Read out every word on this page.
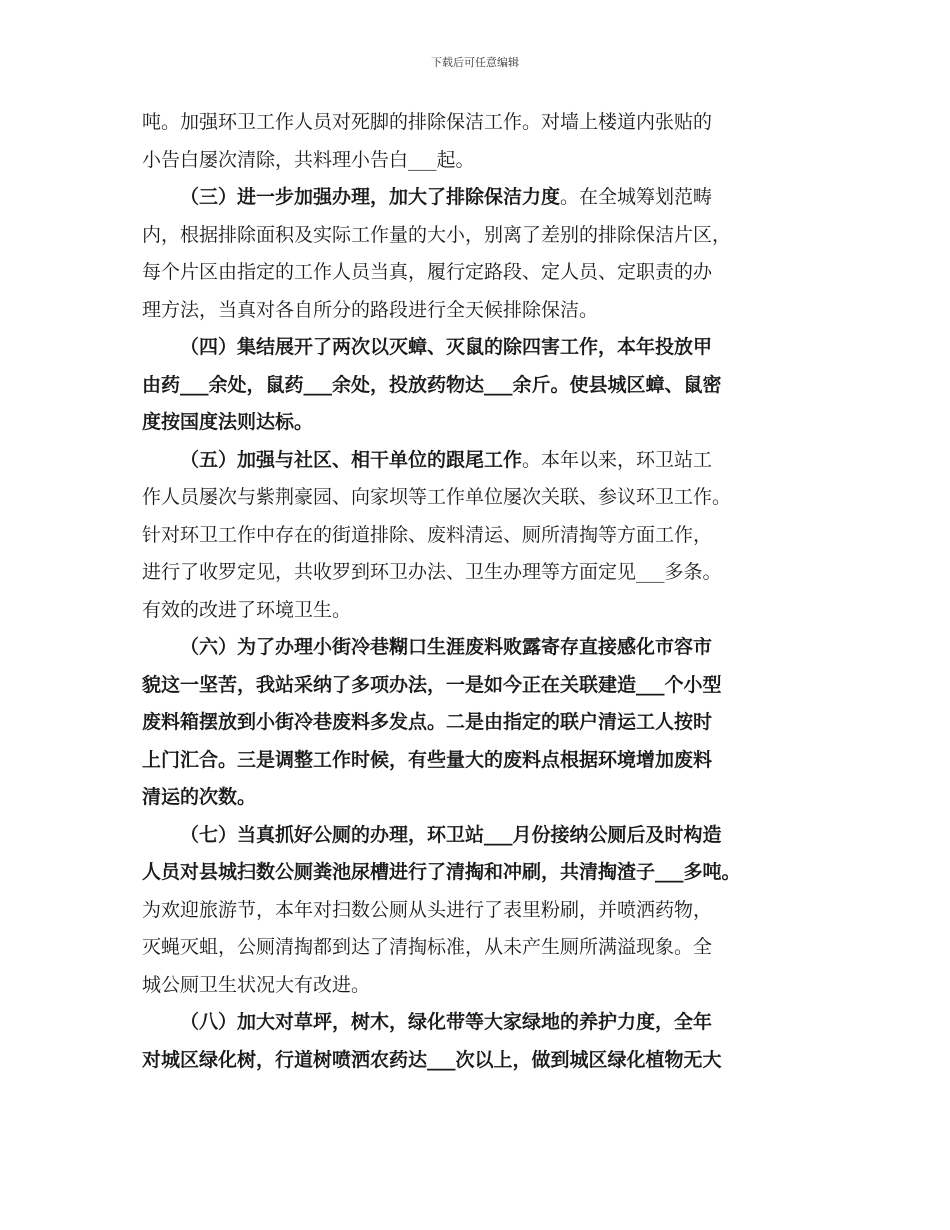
下载后可任意编辑

吨。加强环卫工作人员对死脚的排除保洁工作。对墙上楼道内张贴的
小告白屡次清除，共料理小告白___起。

（三）进一步加强办理，加大了排除保洁力度。在全城筹划范畴
内，根据排除面积及实际工作量的大小，别离了差别的排除保洁片区，
每个片区由指定的工作人员当真，履行定路段、定人员、定职责的办
理方法，当真对各自所分的路段进行全天候排除保洁。

（四）集结展开了两次以灭蟑、灭鼠的除四害工作，本年投放甲
由药___余处，鼠药___余处，投放药物达___余斤。使县城区蟑、鼠密
度按国度法则达标。

（五）加强与社区、相干单位的跟尾工作。本年以来，环卫站工
作人员屡次与紫荆豪园、向家坝等工作单位屡次关联、参议环卫工作。
针对环卫工作中存在的街道排除、废料清运、厕所清掏等方面工作，
进行了收罗定见，共收罗到环卫办法、卫生办理等方面定见___多条。
有效的改进了环境卫生。

（六）为了办理小街冷巷糊口生涯废料败露寄存直接感化市容市
貌这一坚苦，我站采纳了多项办法，一是如今正在关联建造___个小型
废料箱摆放到小街冷巷废料多发点。二是由指定的联户清运工人按时
上门汇合。三是调整工作时候，有些量大的废料点根据环境增加废料
清运的次数。

（七）当真抓好公厕的办理，环卫站___月份接纳公厕后及时构造
人员对县城扫数公厕粪池尿槽进行了清掏和冲刷，共清掏渣子___多吨。
为欢迎旅游节，本年对扫数公厕从头进行了表里粉刷，并喷洒药物，
灭蝇灭蛆，公厕清掏都到达了清掏标准，从未产生厕所满溢现象。全
城公厕卫生状况大有改进。

（八）加大对草坪，树木，绿化带等大家绿地的养护力度，全年
对城区绿化树，行道树喷洒农药达___次以上，做到城区绿化植物无大
